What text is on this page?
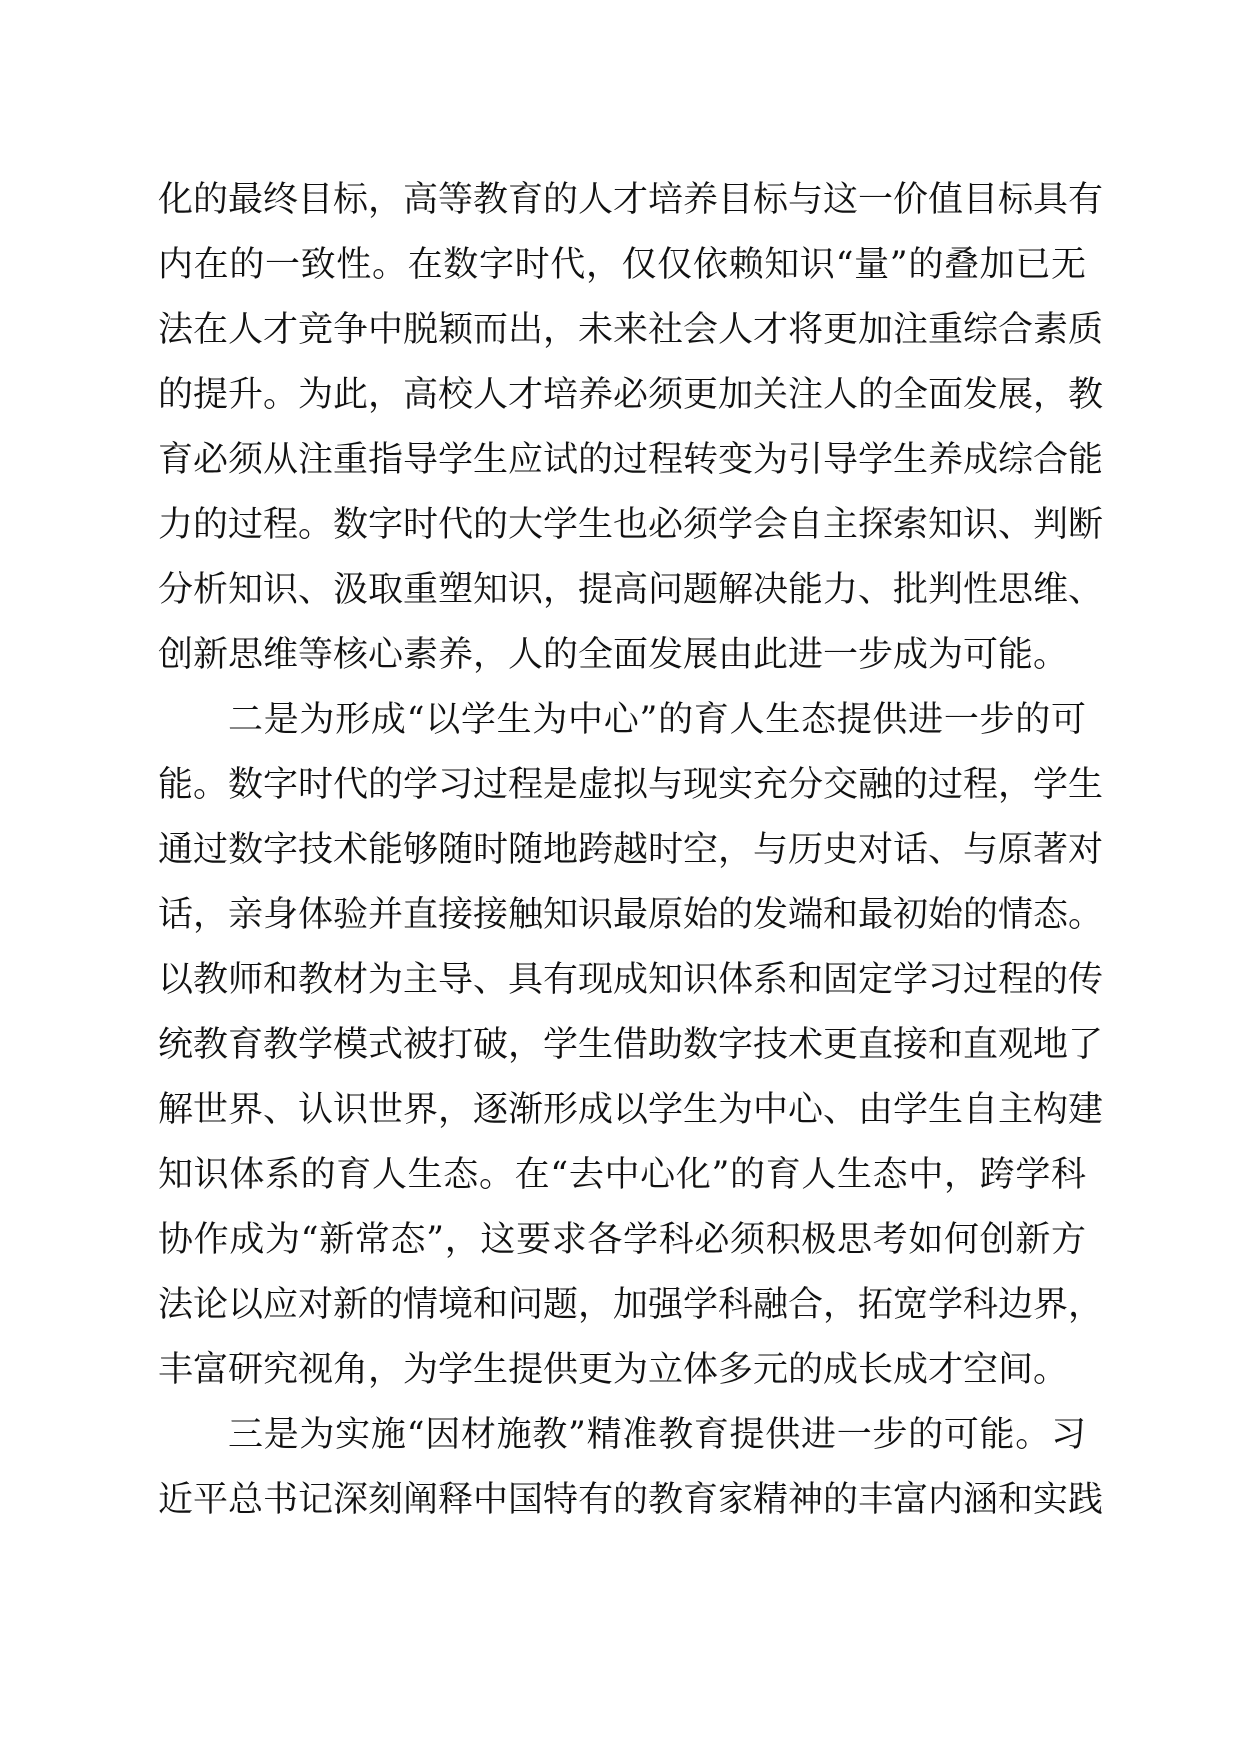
化的最终目标，高等教育的人才培养目标与这一价值目标具有
内在的一致性。在数字时代，仅仅依赖知识“量”的叠加已无
法在人才竞争中脱颖而出，未来社会人才将更加注重综合素质
的提升。为此，高校人才培养必须更加关注人的全面发展，教
育必须从注重指导学生应试的过程转变为引导学生养成综合能
力的过程。数字时代的大学生也必须学会自主探索知识、判断
分析知识、汲取重塑知识，提高问题解决能力、批判性思维、
创新思维等核心素养，人的全面发展由此进一步成为可能。
二是为形成“以学生为中心”的育人生态提供进一步的可
能。数字时代的学习过程是虚拟与现实充分交融的过程，学生
通过数字技术能够随时随地跨越时空，与历史对话、与原著对
话，亲身体验并直接接触知识最原始的发端和最初始的情态。
以教师和教材为主导、具有现成知识体系和固定学习过程的传
统教育教学模式被打破，学生借助数字技术更直接和直观地了
解世界、认识世界，逐渐形成以学生为中心、由学生自主构建
知识体系的育人生态。在“去中心化”的育人生态中，跨学科
协作成为“新常态”，这要求各学科必须积极思考如何创新方
法论以应对新的情境和问题，加强学科融合，拓宽学科边界，
丰富研究视角，为学生提供更为立体多元的成长成才空间。
三是为实施“因材施教”精准教育提供进一步的可能。习
近平总书记深刻阐释中国特有的教育家精神的丰富内涵和实践
